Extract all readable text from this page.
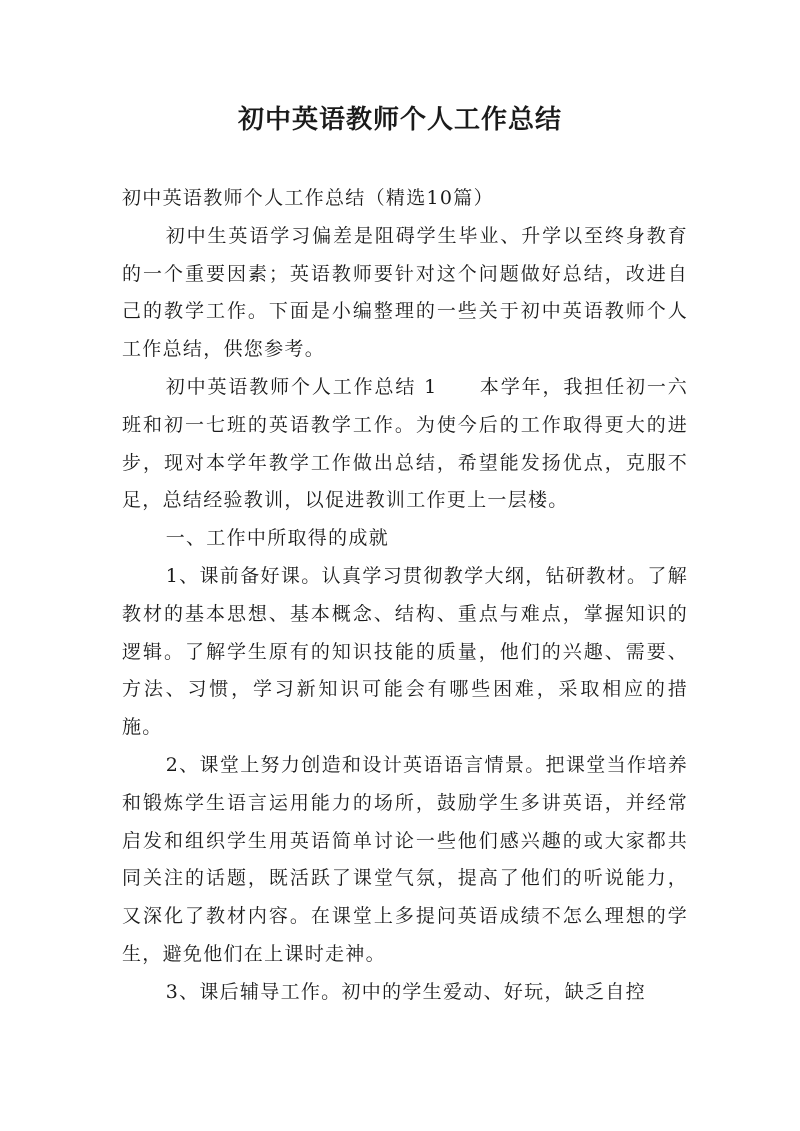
初中英语教师个人工作总结

初中英语教师个人工作总结（精选10篇）

初中生英语学习偏差是阻碍学生毕业、升学以至终身教育的一个重要因素；英语教师要针对这个问题做好总结，改进自己的教学工作。下面是小编整理的一些关于初中英语教师个人工作总结，供您参考。

初中英语教师个人工作总结 1　　本学年，我担任初一六班和初一七班的英语教学工作。为使今后的工作取得更大的进步，现对本学年教学工作做出总结，希望能发扬优点，克服不足，总结经验教训，以促进教训工作更上一层楼。

一、工作中所取得的成就

1、课前备好课。认真学习贯彻教学大纲，钻研教材。了解教材的基本思想、基本概念、结构、重点与难点，掌握知识的逻辑。了解学生原有的知识技能的质量，他们的兴趣、需要、方法、习惯，学习新知识可能会有哪些困难，采取相应的措施。

2、课堂上努力创造和设计英语语言情景。把课堂当作培养和锻炼学生语言运用能力的场所，鼓励学生多讲英语，并经常启发和组织学生用英语简单讨论一些他们感兴趣的或大家都共同关注的话题，既活跃了课堂气氛，提高了他们的听说能力，又深化了教材内容。在课堂上多提问英语成绩不怎么理想的学生，避免他们在上课时走神。

3、课后辅导工作。初中的学生爱动、好玩，缺乏自控
